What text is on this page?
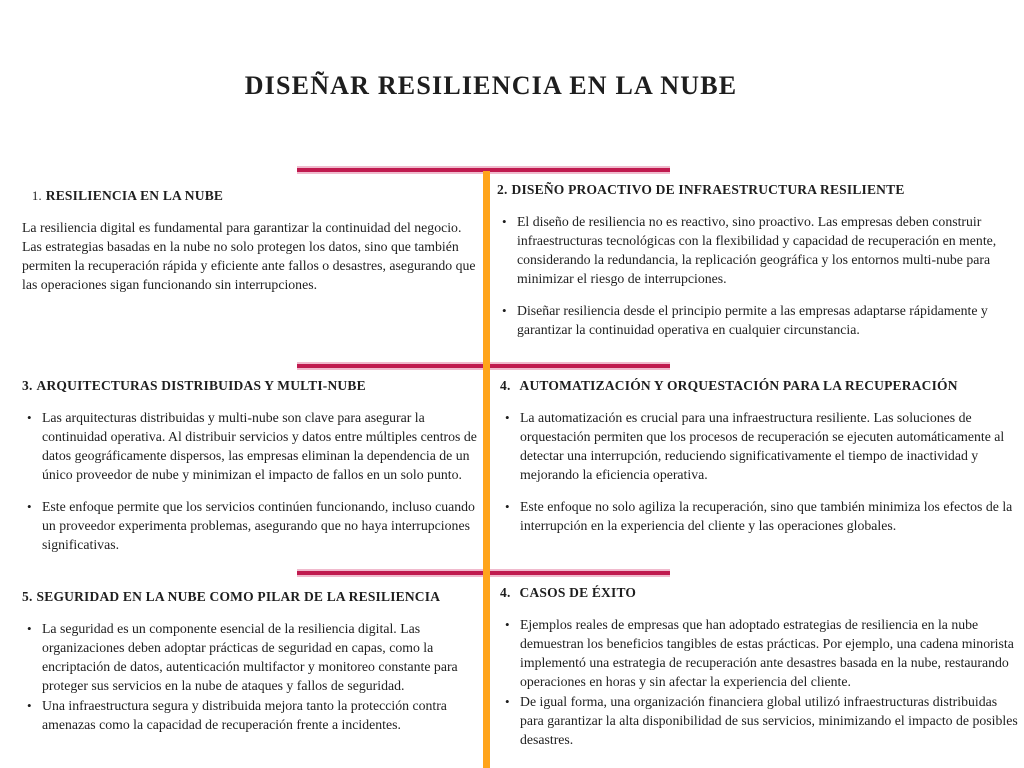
DISEÑAR RESILIENCIA EN LA NUBE
1. RESILIENCIA EN LA NUBE

La resiliencia digital es fundamental para garantizar la continuidad del negocio. Las estrategias basadas en la nube no solo protegen los datos, sino que también permiten la recuperación rápida y eficiente ante fallos o desastres, asegurando que las operaciones sigan funcionando sin interrupciones.

2. DISEÑO PROACTIVO DE INFRAESTRUCTURA RESILIENTE
• El diseño de resiliencia no es reactivo, sino proactivo. Las empresas deben construir infraestructuras tecnológicas con la flexibilidad y capacidad de recuperación en mente, considerando la redundancia, la replicación geográfica y los entornos multi-nube para minimizar el riesgo de interrupciones.
• Diseñar resiliencia desde el principio permite a las empresas adaptarse rápidamente y garantizar la continuidad operativa en cualquier circunstancia.
3. ARQUITECTURAS DISTRIBUIDAS Y MULTI-NUBE
• Las arquitecturas distribuidas y multi-nube son clave para asegurar la continuidad operativa. Al distribuir servicios y datos entre múltiples centros de datos geográficamente dispersos, las empresas eliminan la dependencia de un único proveedor de nube y minimizan el impacto de fallos en un solo punto.
• Este enfoque permite que los servicios continúen funcionando, incluso cuando un proveedor experimenta problemas, asegurando que no haya interrupciones significativas.
4. AUTOMATIZACIÓN Y ORQUESTACIÓN PARA LA RECUPERACIÓN
• La automatización es crucial para una infraestructura resiliente. Las soluciones de orquestación permiten que los procesos de recuperación se ejecuten automáticamente al detectar una interrupción, reduciendo significativamente el tiempo de inactividad y mejorando la eficiencia operativa.
• Este enfoque no solo agiliza la recuperación, sino que también minimiza los efectos de la interrupción en la experiencia del cliente y las operaciones globales.
5. SEGURIDAD EN LA NUBE COMO PILAR DE LA RESILIENCIA
• La seguridad es un componente esencial de la resiliencia digital. Las organizaciones deben adoptar prácticas de seguridad en capas, como la encriptación de datos, autenticación multifactor y monitoreo constante para proteger sus servicios en la nube de ataques y fallos de seguridad.
• Una infraestructura segura y distribuida mejora tanto la protección contra amenazas como la capacidad de recuperación frente a incidentes.
4. CASOS DE ÉXITO
• Ejemplos reales de empresas que han adoptado estrategias de resiliencia en la nube demuestran los beneficios tangibles de estas prácticas. Por ejemplo, una cadena minorista implementó una estrategia de recuperación ante desastres basada en la nube, restaurando operaciones en horas y sin afectar la experiencia del cliente.
• De igual forma, una organización financiera global utilizó infraestructuras distribuidas para garantizar la alta disponibilidad de sus servicios, minimizando el impacto de posibles desastres.
